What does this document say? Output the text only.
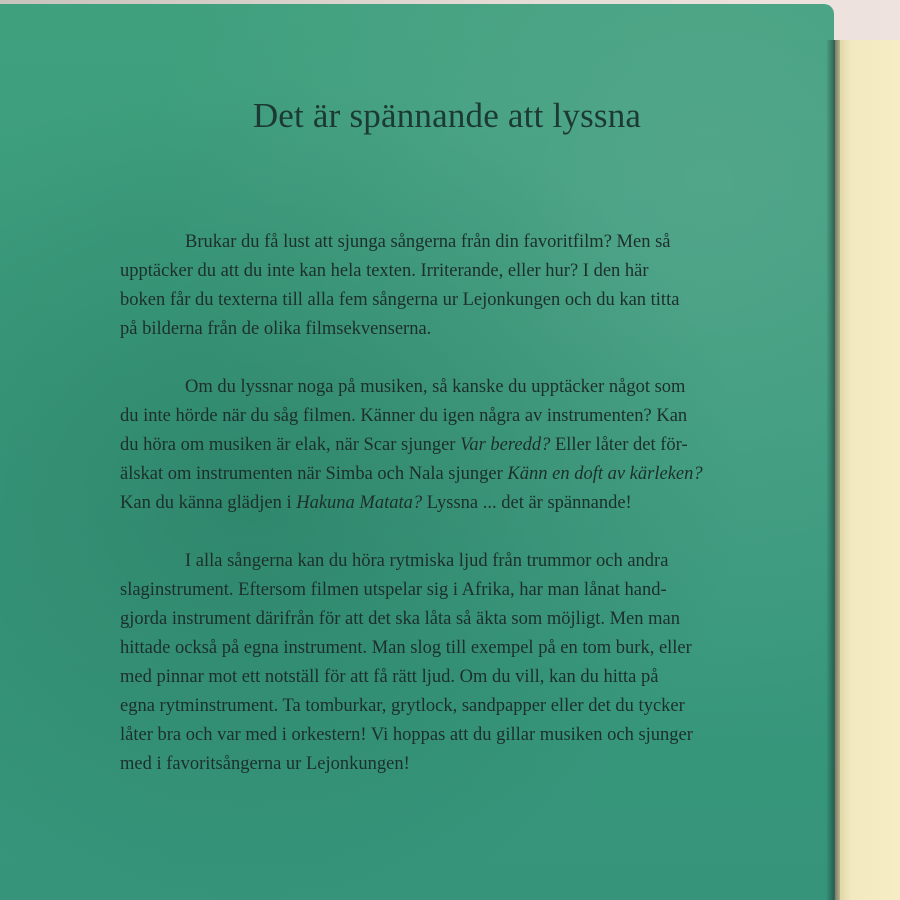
Det är spännande att lyssna

Brukar du få lust att sjunga sångerna från din favoritfilm? Men så
upptäcker du att du inte kan hela texten. Irriterande, eller hur? I den här
boken får du texterna till alla fem sångerna ur Lejonkungen och du kan titta
på bilderna från de olika filmsekvenserna.

Om du lyssnar noga på musiken, så kanske du upptäcker något som
du inte hörde när du såg filmen. Känner du igen några av instrumenten? Kan
du höra om musiken är elak, när Scar sjunger Var beredd? Eller låter det för-
älskat om instrumenten när Simba och Nala sjunger Känn en doft av kärleken?
Kan du känna glädjen i Hakuna Matata? Lyssna ... det är spännande!

I alla sångerna kan du höra rytmiska ljud från trummor och andra
slaginstrument. Eftersom filmen utspelar sig i Afrika, har man lånat hand-
gjorda instrument därifrån för att det ska låta så äkta som möjligt. Men man
hittade också på egna instrument. Man slog till exempel på en tom burk, eller
med pinnar mot ett notställ för att få rätt ljud. Om du vill, kan du hitta på
egna rytminstrument. Ta tomburkar, grytlock, sandpapper eller det du tycker
låter bra och var med i orkestern! Vi hoppas att du gillar musiken och sjunger
med i favoritsångerna ur Lejonkungen!
